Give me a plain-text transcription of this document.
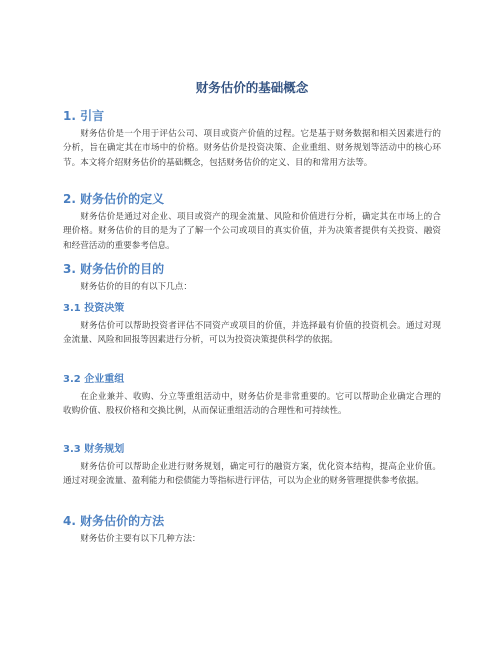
财务估价的基础概念
1. 引言

财务估价是一个用于评估公司、项目或资产价值的过程。它是基于财务数据和相关因素进行的分析，旨在确定其在市场中的价格。财务估价是投资决策、企业重组、财务规划等活动中的核心环节。本文将介绍财务估价的基础概念，包括财务估价的定义、目的和常用方法等。

2. 财务估价的定义

财务估价是通过对企业、项目或资产的现金流量、风险和价值进行分析，确定其在市场上的合理价格。财务估价的目的是为了了解一个公司或项目的真实价值，并为决策者提供有关投资、融资和经营活动的重要参考信息。

3. 财务估价的目的

财务估价的目的有以下几点：

3.1 投资决策

财务估价可以帮助投资者评估不同资产或项目的价值，并选择最有价值的投资机会。通过对现金流量、风险和回报等因素进行分析，可以为投资决策提供科学的依据。

3.2 企业重组

在企业兼并、收购、分立等重组活动中，财务估价是非常重要的。它可以帮助企业确定合理的收购价值、股权价格和交换比例，从而保证重组活动的合理性和可持续性。

3.3 财务规划

财务估价可以帮助企业进行财务规划，确定可行的融资方案，优化资本结构，提高企业价值。通过对现金流量、盈利能力和偿债能力等指标进行评估，可以为企业的财务管理提供参考依据。

4. 财务估价的方法

财务估价主要有以下几种方法：
